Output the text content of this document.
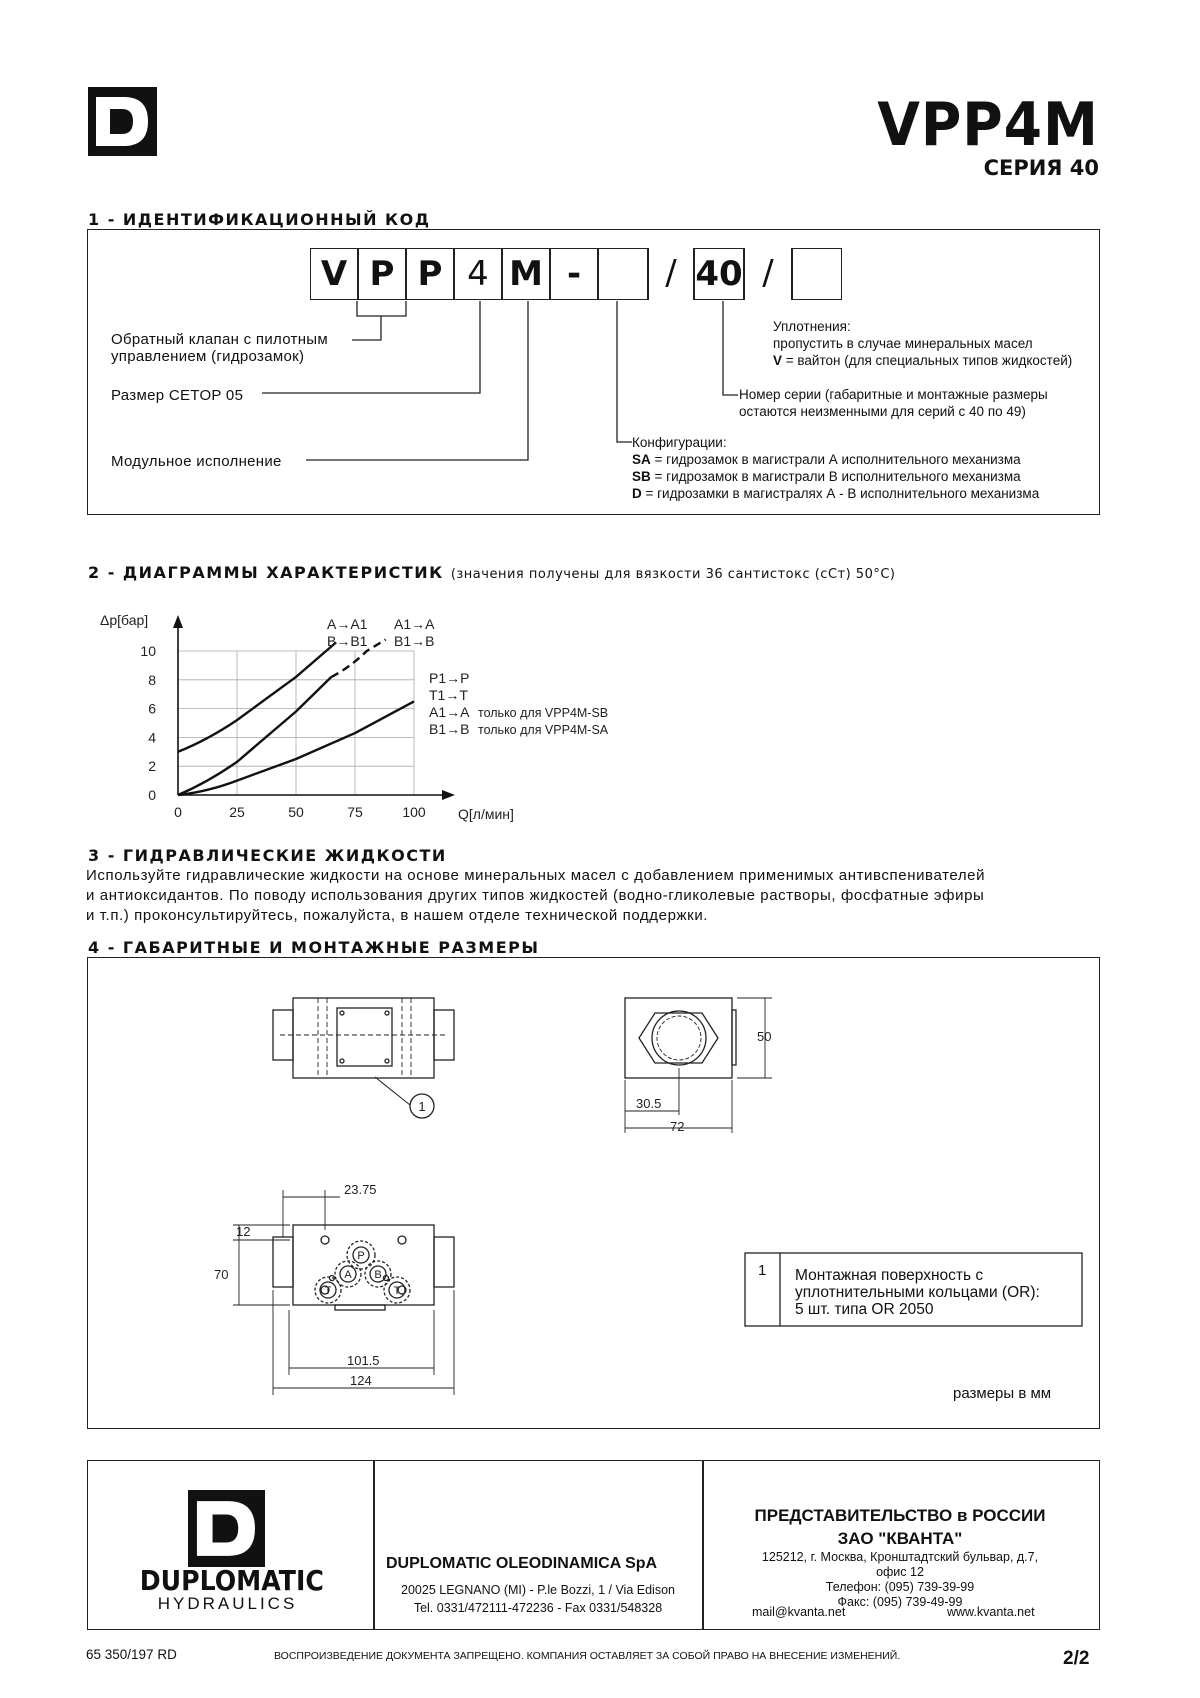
VPP4M
СЕРИЯ 40
1 - ИДЕНТИФИКАЦИОННЫЙ КОД
V P P 4 M -	/ 40 /
Обратный клапан с пилотным
управлением (гидрозамок)
Размер CETOP 05
Модульное исполнение
Уплотнения:
пропустить в случае минеральных масел
V = вайтон (для специальных типов жидкостей)
Номер серии (габаритные и монтажные размеры
остаются неизменными для серий с 40 по 49)
Конфигурации:
SA = гидрозамок в магистрали А исполнительного механизма
SB = гидрозамок в магистрали В исполнительного механизма
D = гидрозамки в магистралях А - В исполнительного механизма
2 - ДИАГРАММЫ ХАРАКТЕРИСТИК (значения получены для вязкости 36 сантистокс (сСт) 50°С)
0	25	50	75	100
0
2
4
6
8
10
Δp[бар]
Q[л/мин]
A→A1
B→B1
A1→A
B1→B
P1→P
T1→T
A1→A
B1→B
только для VPP4M-SB
только для VPP4M-SA
3 - ГИДРАВЛИЧЕСКИЕ ЖИДКОСТИ
Используйте гидравлические жидкости на основе минеральных масел с добавлением применимых антивспенивателей
и антиоксидантов. По поводу использования других типов жидкостей (водно-гликолевые растворы, фосфатные эфиры
и т.п.) проконсультируйтесь, пожалуйста, в нашем отделе технической поддержки.
4 - ГАБАРИТНЫЕ И МОНТАЖНЫЕ РАЗМЕРЫ
1
50
30.5
72
23.75
12
70
101.5
124
P
A B
T	T
1 Монтажная поверхность с
уплотнительными кольцами (OR):
5 шт. типа OR 2050
размеры в мм
DUPLOMATIC
HYDRAULICS
DUPLOMATIC OLEODINAMICA SpA
20025 LEGNANO (MI) - P.le Bozzi, 1 / Via Edison
Tel. 0331/472111-472236 - Fax 0331/548328
ПРЕДСТАВИТЕЛЬСТВО в РОССИИ
ЗАО "КВАНТА"
125212, г. Москва, Кронштадтский бульвар, д.7,
офис 12
Телефон: (095) 739-39-99
Факс: (095) 739-49-99
mail@kvanta.net	www.kvanta.net
65 350/197 RD	ВОСПРОИЗВЕДЕНИЕ ДОКУМЕНТА ЗАПРЕЩЕНО. КОМПАНИЯ ОСТАВЛЯЕТ ЗА СОБОЙ ПРАВО НА ВНЕСЕНИЕ ИЗМЕНЕНИЙ.	2/2
